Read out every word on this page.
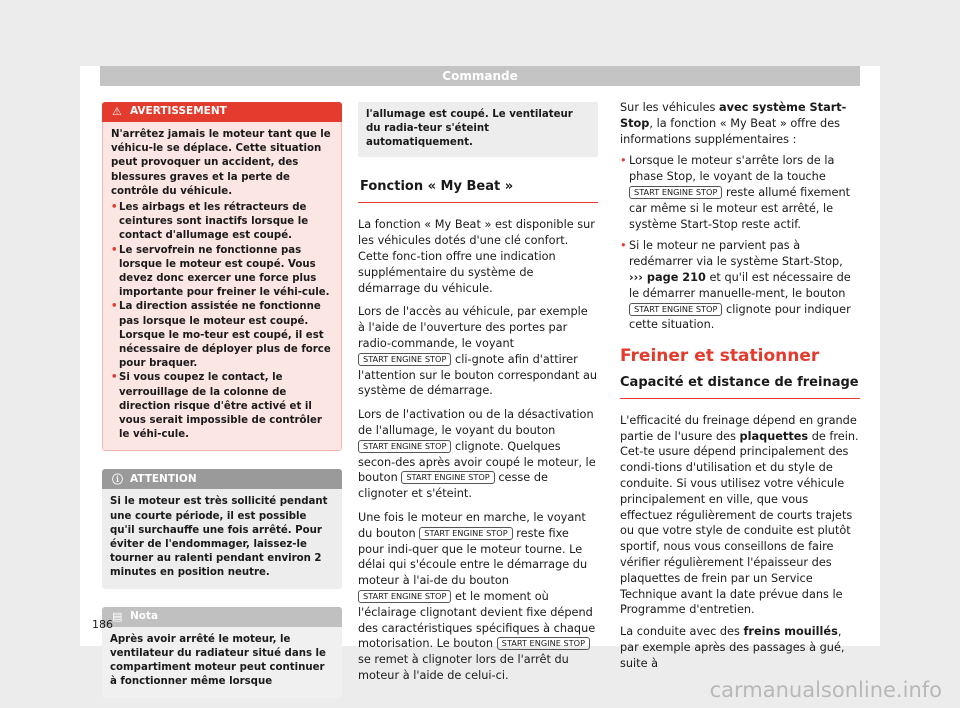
Commande
⚠ AVERTISSEMENT

N'arrêtez jamais le moteur tant que le véhicu-le se déplace. Cette situation peut provoquer un accident, des blessures graves et la perte de contrôle du véhicule.

• Les airbags et les rétracteurs de ceintures sont inactifs lorsque le contact d'allumage est coupé.
• Le servofrein ne fonctionne pas lorsque le moteur est coupé. Vous devez donc exercer une force plus importante pour freiner le véhi-cule.
• La direction assistée ne fonctionne pas lorsque le moteur est coupé. Lorsque le mo-teur est coupé, il est nécessaire de déployer plus de force pour braquer.
• Si vous coupez le contact, le verrouillage de la colonne de direction risque d'être activé et il vous serait impossible de contrôler le véhi-cule.
ⓘ ATTENTION
Si le moteur est très sollicité pendant une courte période, il est possible qu'il surchauffe une fois arrêté. Pour éviter de l'endommager, laissez-le tourner au ralenti pendant environ 2 minutes en position neutre.
▤ Nota
Après avoir arrêté le moteur, le ventilateur du radiateur situé dans le compartiment moteur peut continuer à fonctionner même lorsque
l'allumage est coupé. Le ventilateur du radia-teur s'éteint automatiquement.
Fonction « My Beat »

La fonction « My Beat » est disponible sur les véhicules dotés d'une clé confort. Cette fonc-tion offre une indication supplémentaire du système de démarrage du véhicule.

Lors de l'accès au véhicule, par exemple à l'aide de l'ouverture des portes par radio-commande, le voyant START ENGINE STOP cli-gnote afin d'attirer l'attention sur le bouton correspondant au système de démarrage.

Lors de l'activation ou de la désactivation de l'allumage, le voyant du bouton START ENGINE STOP clignote. Quelques secon-des après avoir coupé le moteur, le bouton START ENGINE STOP cesse de clignoter et s'éteint.

Une fois le moteur en marche, le voyant du bouton START ENGINE STOP reste fixe pour indi-quer que le moteur tourne. Le délai qui s'écoule entre le démarrage du moteur à l'ai-de du bouton START ENGINE STOP et le moment où l'éclairage clignotant devient fixe dépend des caractéristiques spécifiques à chaque motorisation. Le bouton START ENGINE STOP se remet à clignoter lors de l'arrêt du moteur à l'aide de celui-ci.

Sur les véhicules avec système Start-Stop, la fonction « My Beat » offre des informations supplémentaires :

• Lorsque le moteur s'arrête lors de la phase Stop, le voyant de la touche START ENGINE STOP reste allumé fixement car même si le moteur est arrêté, le système Start-Stop reste actif.
• Si le moteur ne parvient pas à redémarrer via le système Start-Stop, ››› page 210 et qu'il est nécessaire de le démarrer manuelle-ment, le bouton START ENGINE STOP clignote pour indiquer cette situation.
Freiner et stationner
Capacité et distance de freinage

L'efficacité du freinage dépend en grande partie de l'usure des plaquettes de frein. Cet-te usure dépend principalement des condi-tions d'utilisation et du style de conduite. Si vous utilisez votre véhicule principalement en ville, que vous effectuez régulièrement de courts trajets ou que votre style de conduite est plutôt sportif, nous vous conseillons de faire vérifier régulièrement l'épaisseur des plaquettes de frein par un Service Technique avant la date prévue dans le Programme d'entretien.

La conduite avec des freins mouillés, par exemple après des passages à gué, suite à

186
carmanualsonline.info
